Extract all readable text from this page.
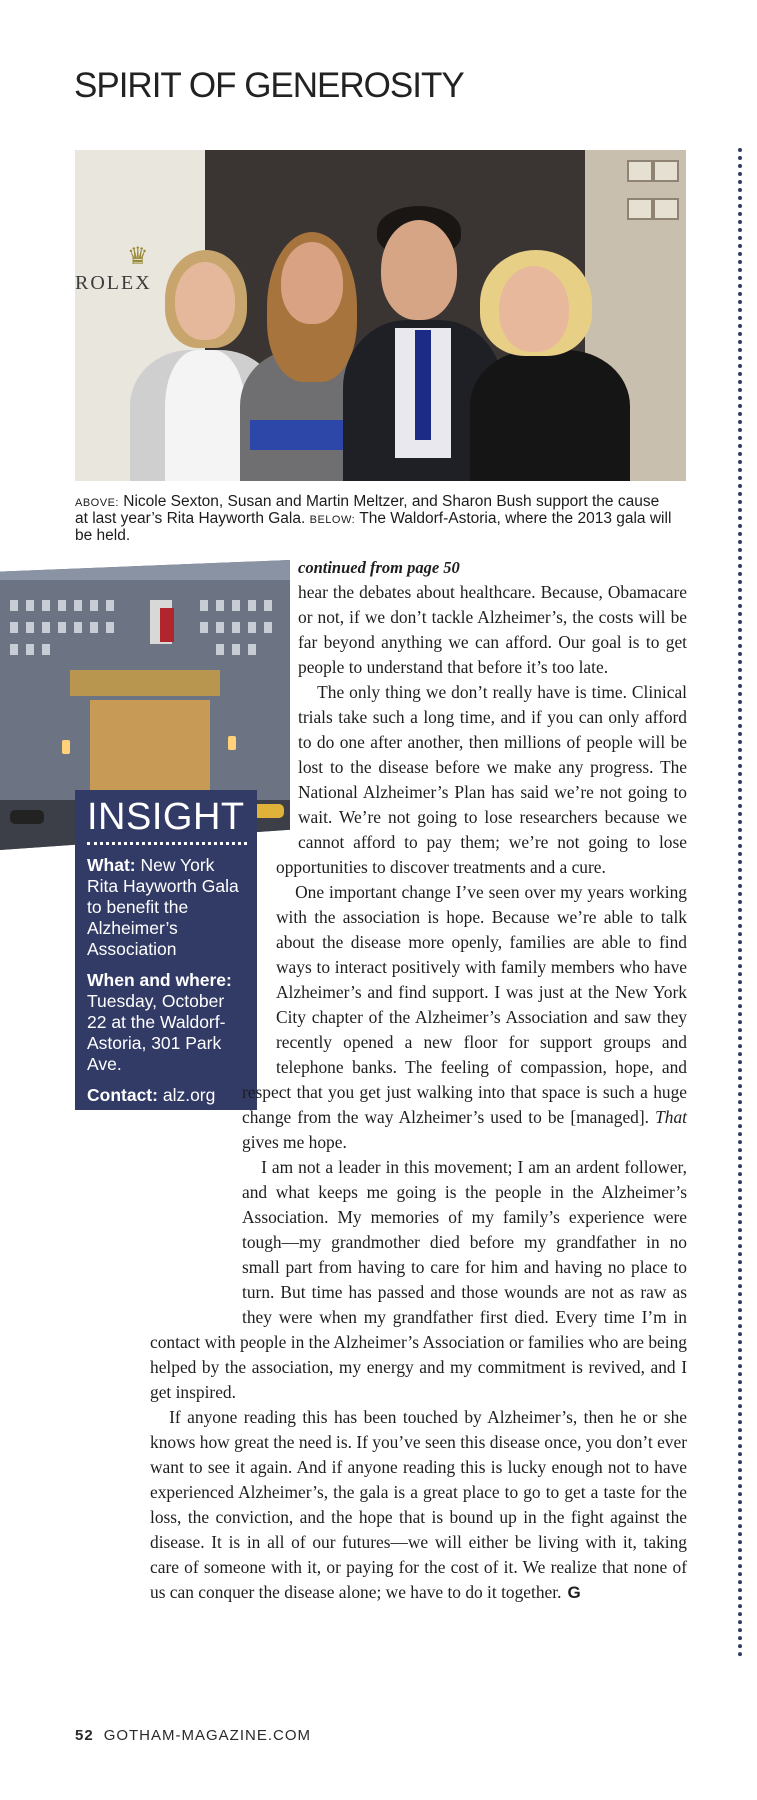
SPIRIT OF GENEROSITY
♛
ROLEX
ABOVE: Nicole Sexton, Susan and Martin Meltzer, and Sharon Bush support the cause at last year’s Rita Hayworth Gala. BELOW: The Waldorf-Astoria, where the 2013 gala will be held.
INSIGHT

What: New York Rita Hayworth Gala to benefit the Alzheimer’s Association

When and where: Tuesday, October 22 at the Waldorf-Astoria, 301 Park Ave.

Contact: alz.org

continued from page 50

hear the debates about healthcare. Because, Obamacare or not, if we don’t tackle Alzheimer’s, the costs will be far beyond anything we can afford. Our goal is to get people to understand that before it’s too late.

The only thing we don’t really have is time. Clinical trials take such a long time, and if you can only afford to do one after another, then millions of people will be lost to the disease before we make any progress. The National Alzheimer’s Plan has said we’re not going to wait. We’re not going to lose researchers because we cannot afford to pay them; we’re not going to lose opportunities to discover treatments and a cure.

One important change I’ve seen over my years working with the association is hope. Because we’re able to talk about the disease more openly, families are able to find ways to interact positively with family members who have Alzheimer’s and find support. I was just at the New York City chapter of the Alzheimer’s Association and saw they recently opened a new floor for support groups and telephone banks. The feeling of compassion, hope, and respect that you get just walking into that space is such a huge change from the way Alzheimer’s used to be [managed]. That gives me hope.

I am not a leader in this movement; I am an ardent follower, and what keeps me going is the people in the Alzheimer’s Association. My memories of my family’s experience were tough—my grandmother died before my grandfather in no small part from having to care for him and having no place to turn. But time has passed and those wounds are not as raw as they were when my grandfather first died. Every time I’m in contact with people in the Alzheimer’s Association or families who are being helped by the association, my energy and my commitment is revived, and I get inspired.

If anyone reading this has been touched by Alzheimer’s, then he or she knows how great the need is. If you’ve seen this disease once, you don’t ever want to see it again. And if anyone reading this is lucky enough not to have experienced Alzheimer’s, the gala is a great place to go to get a taste for the loss, the conviction, and the hope that is bound up in the fight against the disease. It is in all of our futures—we will either be living with it, taking care of someone with it, or paying for the cost of it. We realize that none of us can conquer the disease alone; we have to do it together. G

52 GOTHAM-MAGAZINE.COM
